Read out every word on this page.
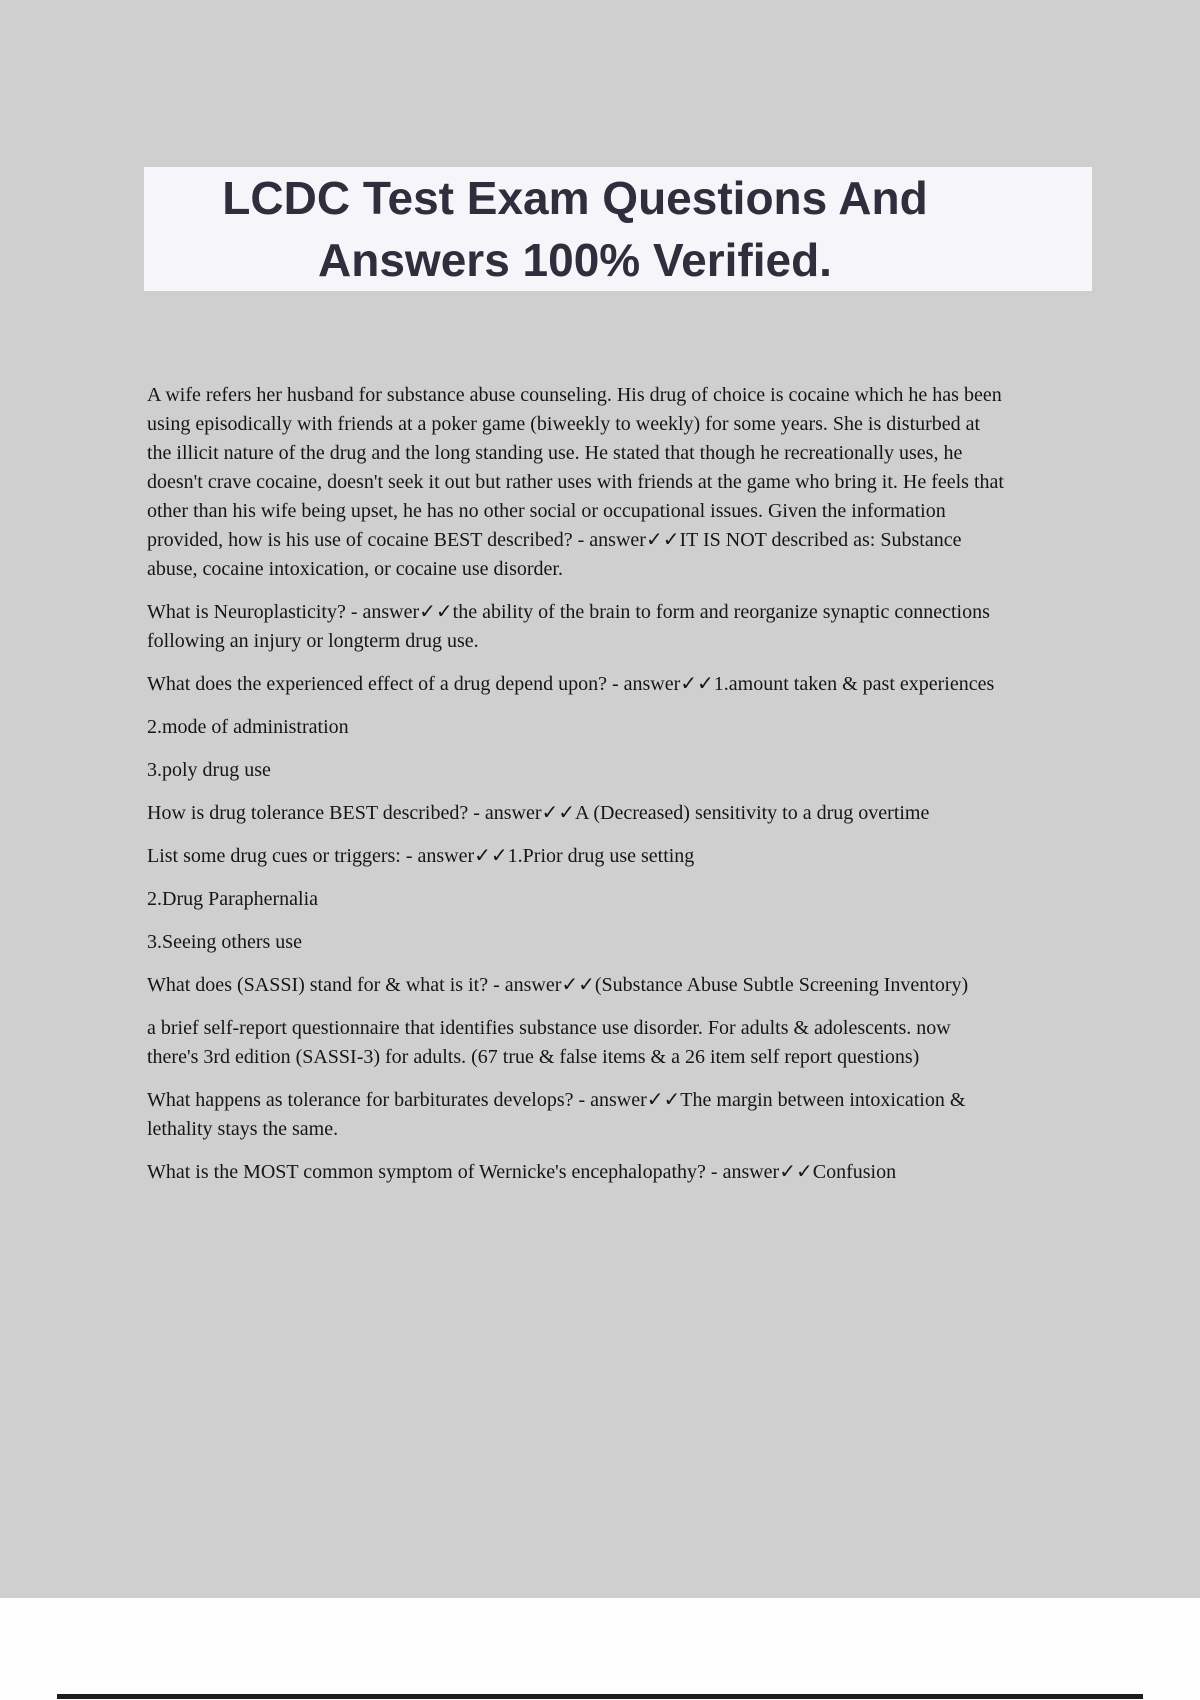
LCDC Test Exam Questions And
Answers 100% Verified.

A wife refers her husband for substance abuse counseling. His drug of choice is cocaine which he has been using episodically with friends at a poker game (biweekly to weekly) for some years. She is disturbed at the illicit nature of the drug and the long standing use. He stated that though he recreationally uses, he doesn't crave cocaine, doesn't seek it out but rather uses with friends at the game who bring it. He feels that other than his wife being upset, he has no other social or occupational issues. Given the information provided, how is his use of cocaine BEST described? - answer✓✓IT IS NOT described as: Substance abuse, cocaine intoxication, or cocaine use disorder.

What is Neuroplasticity? - answer✓✓the ability of the brain to form and reorganize synaptic connections following an injury or longterm drug use.

What does the experienced effect of a drug depend upon? - answer✓✓1.amount taken & past experiences

2.mode of administration

3.poly drug use

How is drug tolerance BEST described? - answer✓✓A (Decreased) sensitivity to a drug overtime

List some drug cues or triggers: - answer✓✓1.Prior drug use setting

2.Drug Paraphernalia

3.Seeing others use

What does (SASSI) stand for & what is it? - answer✓✓(Substance Abuse Subtle Screening Inventory)

a brief self-report questionnaire that identifies substance use disorder. For adults & adolescents. now there's 3rd edition (SASSI-3) for adults. (67 true & false items & a 26 item self report questions)

What happens as tolerance for barbiturates develops? - answer✓✓The margin between intoxication & lethality stays the same.

What is the MOST common symptom of Wernicke's encephalopathy? - answer✓✓Confusion
